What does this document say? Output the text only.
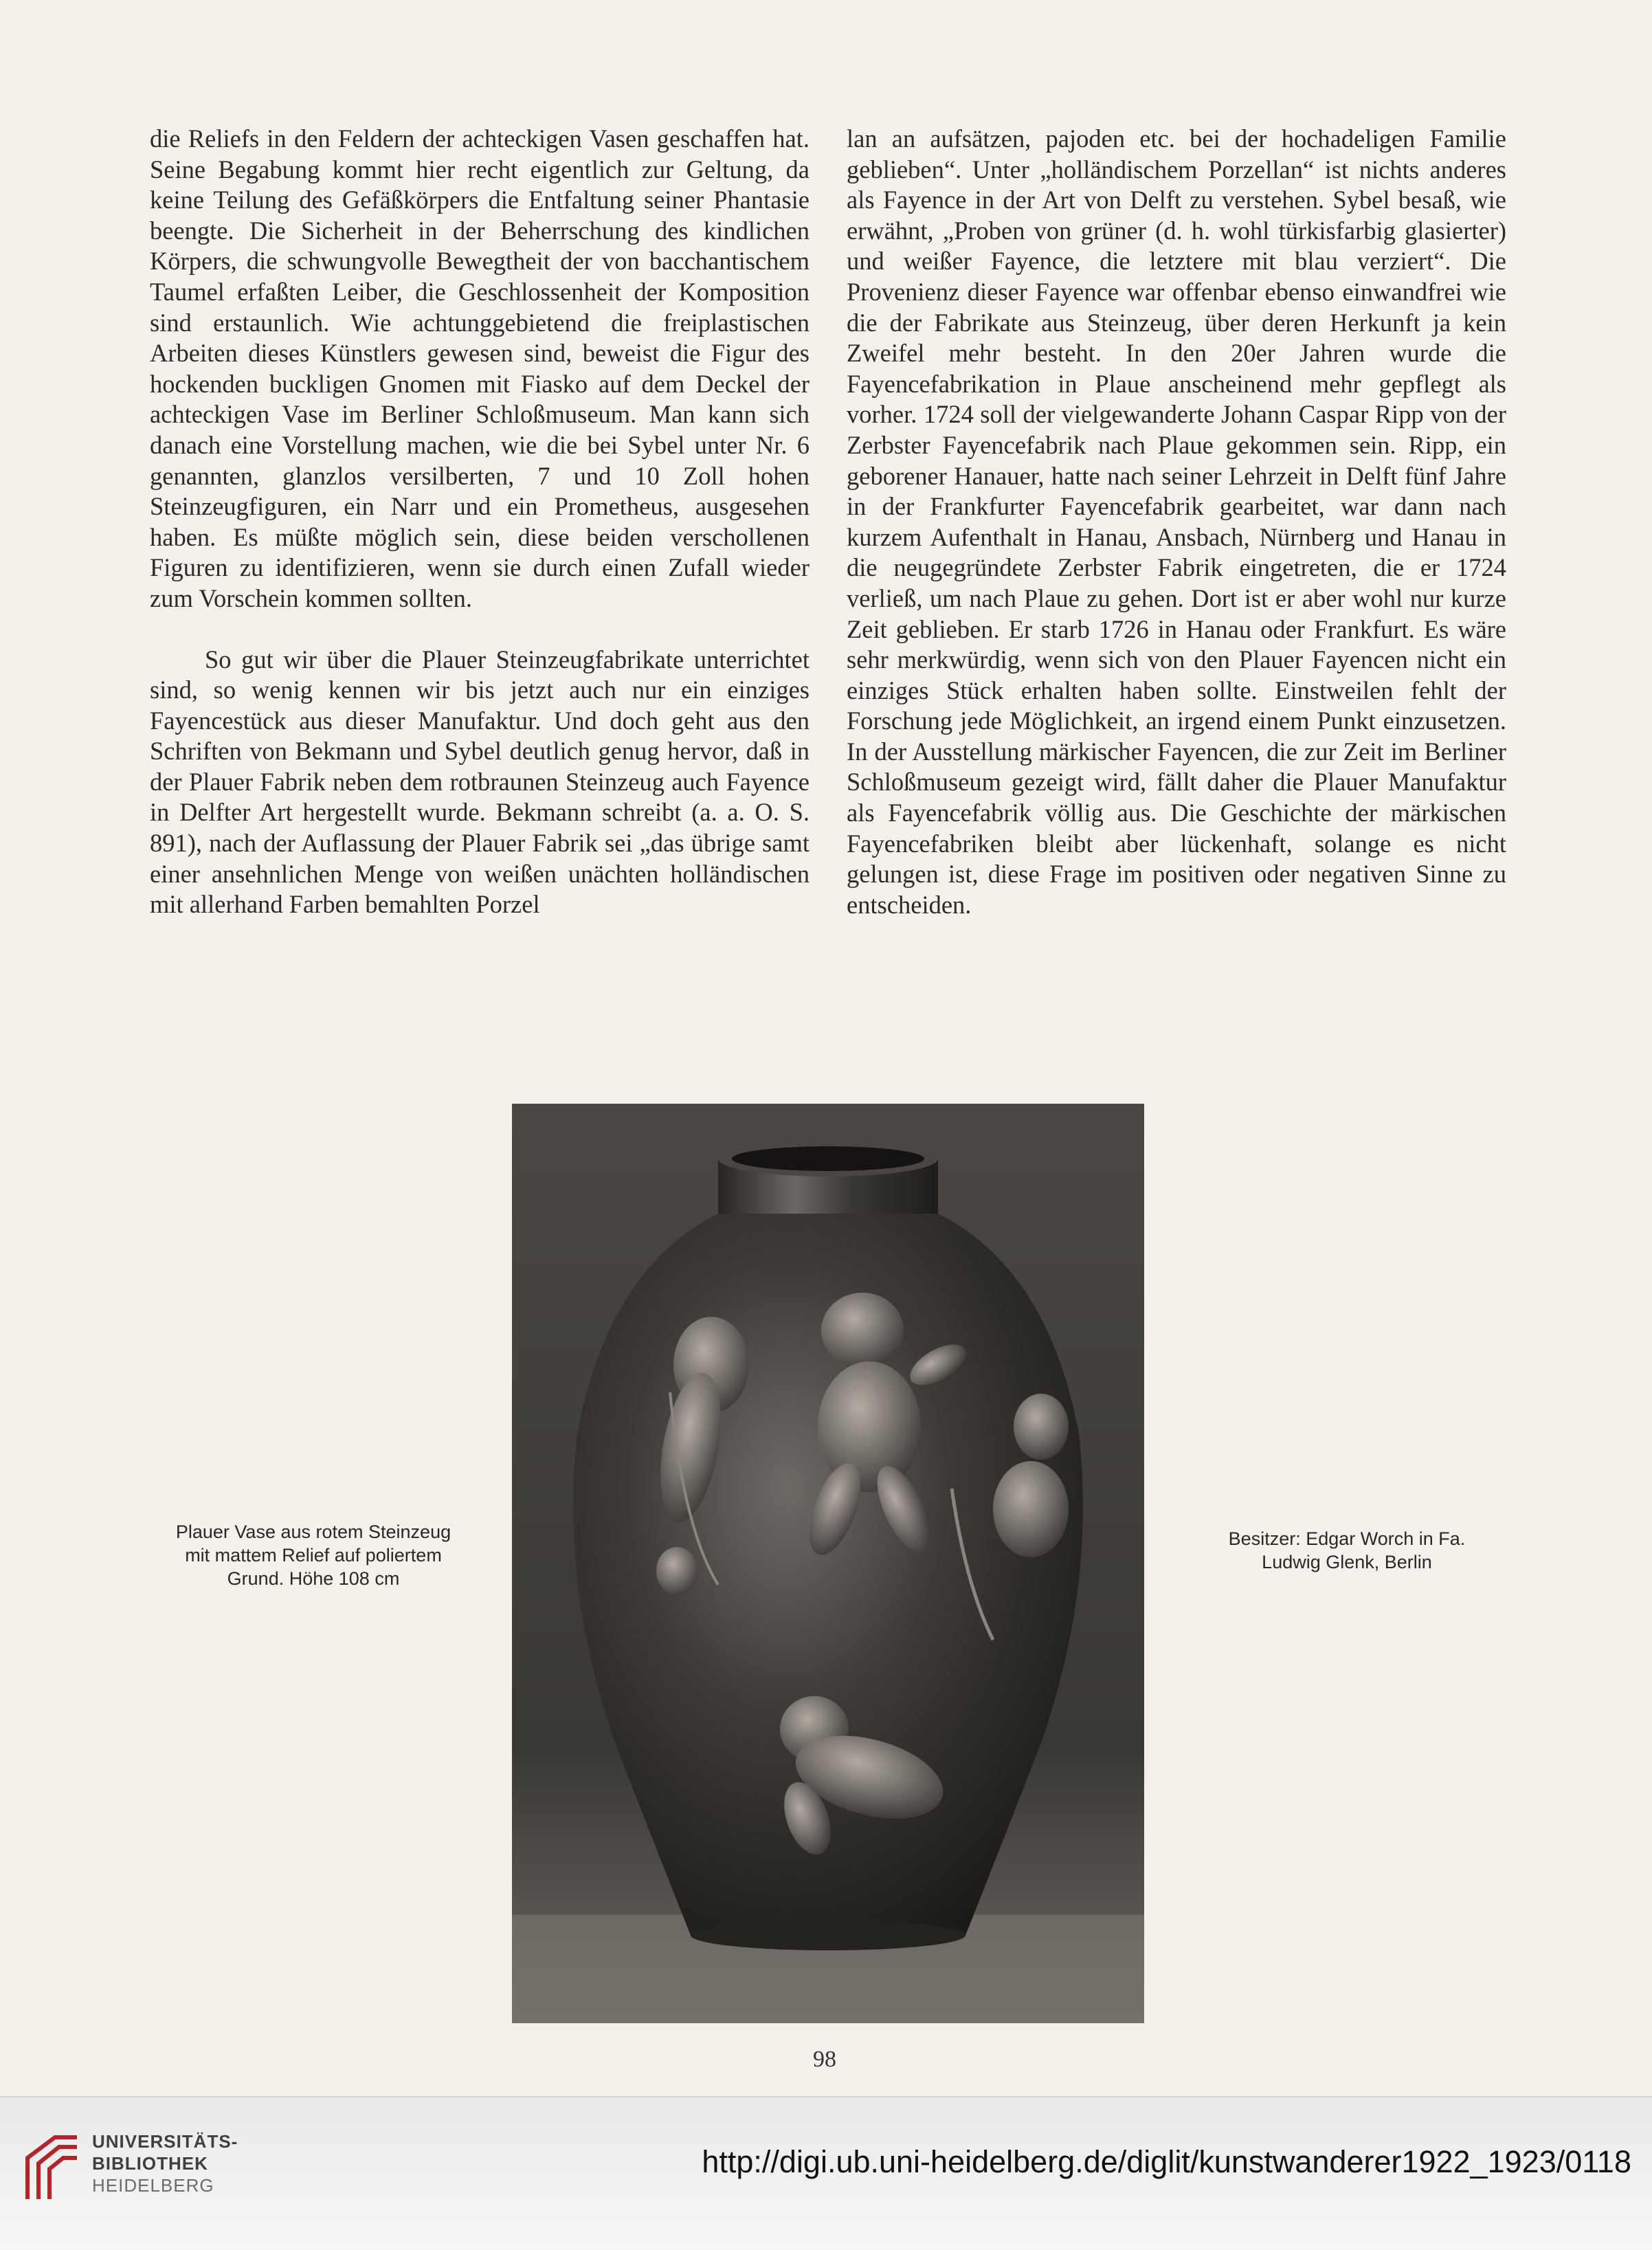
die Reliefs in den Feldern der achteckigen Vasen geschaffen hat. Seine Begabung kommt hier recht eigentlich zur Geltung, da keine Teilung des Gefäßkörpers die Entfaltung seiner Phantasie beengte. Die Sicherheit in der Beherrschung des kindlichen Körpers, die schwungvolle Bewegtheit der von bacchantischem Taumel erfaßten Leiber, die Geschlossenheit der Komposition sind erstaunlich. Wie achtunggebietend die freiplastischen Arbeiten dieses Künstlers gewesen sind, beweist die Figur des hockenden buckligen Gnomen mit Fiasko auf dem Deckel der achteckigen Vase im Berliner Schloßmuseum. Man kann sich danach eine Vorstellung machen, wie die bei Sybel unter Nr. 6 genannten, glanzlos versilberten, 7 und 10 Zoll hohen Steinzeugfiguren, ein Narr und ein Prometheus, ausgesehen haben. Es müßte möglich sein, diese beiden verschollenen Figuren zu identifizieren, wenn sie durch einen Zufall wieder zum Vorschein kommen sollten.

So gut wir über die Plauer Steinzeugfabrikate unterrichtet sind, so wenig kennen wir bis jetzt auch nur ein einziges Fayencestück aus dieser Manufaktur. Und doch geht aus den Schriften von Bekmann und Sybel deutlich genug hervor, daß in der Plauer Fabrik neben dem rotbraunen Steinzeug auch Fayence in Delfter Art hergestellt wurde. Bekmann schreibt (a. a. O. S. 891), nach der Auflassung der Plauer Fabrik sei „das übrige samt einer ansehnlichen Menge von weißen unächten holländischen mit allerhand Farben bemahlten Porzel

lan an aufsätzen, pajoden etc. bei der hochadeligen Familie geblieben“. Unter „holländischem Porzellan“ ist nichts anderes als Fayence in der Art von Delft zu verstehen. Sybel besaß, wie erwähnt, „Proben von grüner (d. h. wohl türkisfarbig glasierter) und weißer Fayence, die letztere mit blau verziert“. Die Provenienz dieser Fayence war offenbar ebenso einwandfrei wie die der Fabrikate aus Steinzeug, über deren Herkunft ja kein Zweifel mehr besteht. In den 20er Jahren wurde die Fayencefabrikation in Plaue anscheinend mehr gepflegt als vorher. 1724 soll der vielgewanderte Johann Caspar Ripp von der Zerbster Fayencefabrik nach Plaue gekommen sein. Ripp, ein geborener Hanauer, hatte nach seiner Lehrzeit in Delft fünf Jahre in der Frankfurter Fayencefabrik gearbeitet, war dann nach kurzem Aufenthalt in Hanau, Ansbach, Nürnberg und Hanau in die neugegründete Zerbster Fabrik eingetreten, die er 1724 verließ, um nach Plaue zu gehen. Dort ist er aber wohl nur kurze Zeit geblieben. Er starb 1726 in Hanau oder Frankfurt. Es wäre sehr merkwürdig, wenn sich von den Plauer Fayencen nicht ein einziges Stück erhalten haben sollte. Einstweilen fehlt der Forschung jede Möglichkeit, an irgend einem Punkt einzusetzen. In der Ausstellung märkischer Fayencen, die zur Zeit im Berliner Schloßmuseum gezeigt wird, fällt daher die Plauer Manufaktur als Fayencefabrik völlig aus. Die Geschichte der märkischen Fayencefabriken bleibt aber lückenhaft, solange es nicht gelungen ist, diese Frage im positiven oder negativen Sinne zu entscheiden.

Plauer Vase aus rotem Steinzeug
mit mattem Relief auf poliertem
Grund. Höhe 108 cm
Besitzer: Edgar Worch in Fa.
Ludwig Glenk, Berlin
98
UNIVERSITÄTS-
BIBLIOTHEK
HEIDELBERG
http://digi.ub.uni-heidelberg.de/diglit/kunstwanderer1922_1923/0118
